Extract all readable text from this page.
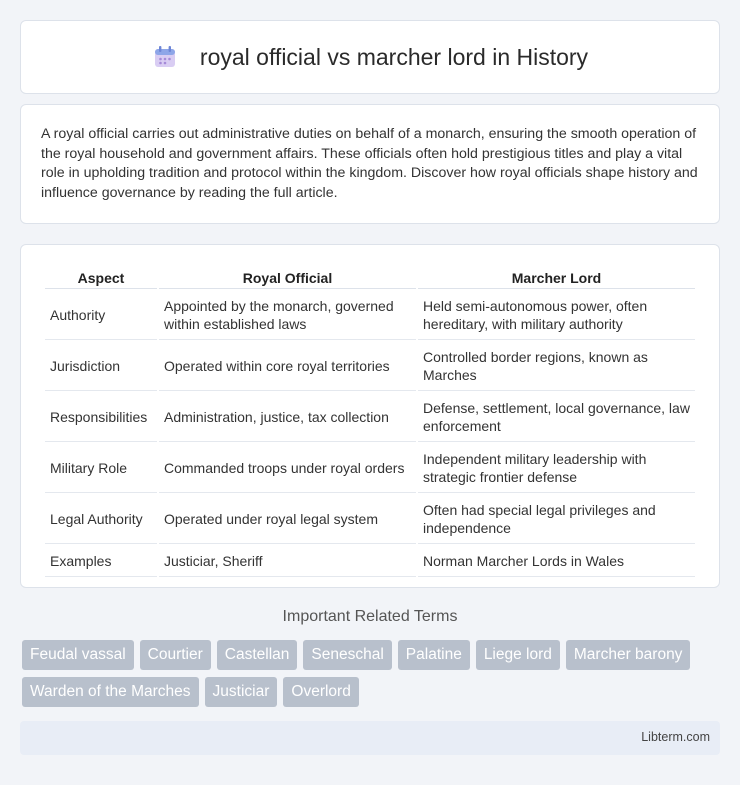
royal official vs marcher lord in History

A royal official carries out administrative duties on behalf of a monarch, ensuring the smooth operation of the royal household and government affairs. These officials often hold prestigious titles and play a vital role in upholding tradition and protocol within the kingdom. Discover how royal officials shape history and influence governance by reading the full article.

Aspect	Royal Official	Marcher Lord
Authority	Appointed by the monarch, governed within established laws	Held semi-autonomous power, often hereditary, with military authority
Jurisdiction	Operated within core royal territories	Controlled border regions, known as Marches
Responsibilities	Administration, justice, tax collection	Defense, settlement, local governance, law enforcement
Military Role	Commanded troops under royal orders	Independent military leadership with strategic frontier defense
Legal Authority	Operated under royal legal system	Often had special legal privileges and independence
Examples	Justiciar, Sheriff	Norman Marcher Lords in Wales
Important Related Terms
Feudal vassal	Courtier	Castellan	Seneschal	Palatine	Liege lord	Marcher barony
Warden of the Marches	Justiciar	Overlord
Libterm.com
